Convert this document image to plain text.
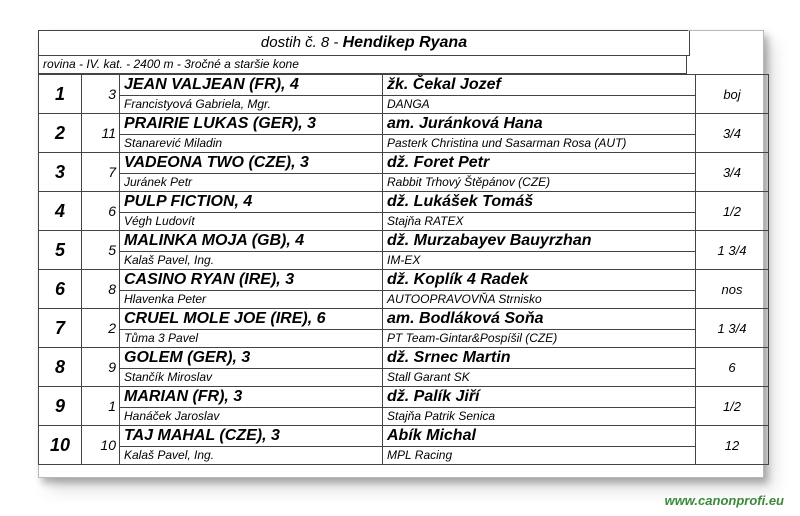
dostih č. 8 - Hendikep Ryana
rovina - IV. kat. - 2400 m - 3ročné a staršie kone
1	3	JEAN VALJEAN (FR), 4	žk. Čekal Jozef	boj
		Francistyová Gabriela, Mgr.	DANGA	
2	11	PRAIRIE LUKAS (GER), 3	am. Juránková Hana	3/4
		Stanarević Miladin	Pasterk Christina und Sasarman Rosa (AUT)	
3	7	VADEONA TWO (CZE), 3	dž. Foret Petr	3/4
		Juránek Petr	Rabbit Trhový Štěpánov (CZE)	
4	6	PULP FICTION, 4	dž. Lukášek Tomáš	1/2
		Végh Ludovít	Stajňa RATEX	
5	5	MALINKA MOJA (GB), 4	dž. Murzabayev Bauyrzhan	1 3/4
		Kalaš Pavel, Ing.	IM-EX	
6	8	CASINO RYAN (IRE), 3	dž. Koplík 4 Radek	nos
		Hlavenka Peter	AUTOOPRAVOVŇA Strnisko	
7	2	CRUEL MOLE JOE (IRE), 6	am. Bodláková Soňa	1 3/4
		Tůma 3 Pavel	PT Team-Gintar&Pospíšil (CZE)	
8	9	GOLEM (GER), 3	dž. Srnec Martin	6
		Stančík Miroslav	Stall Garant SK	
9	1	MARIAN (FR), 3	dž. Palík Jiří	1/2
		Hanáček Jaroslav	Stajňa Patrik Senica	
10	10	TAJ MAHAL (CZE), 3	Abík Michal	12
		Kalaš Pavel, Ing.	MPL Racing	
www.canonprofi.eu
